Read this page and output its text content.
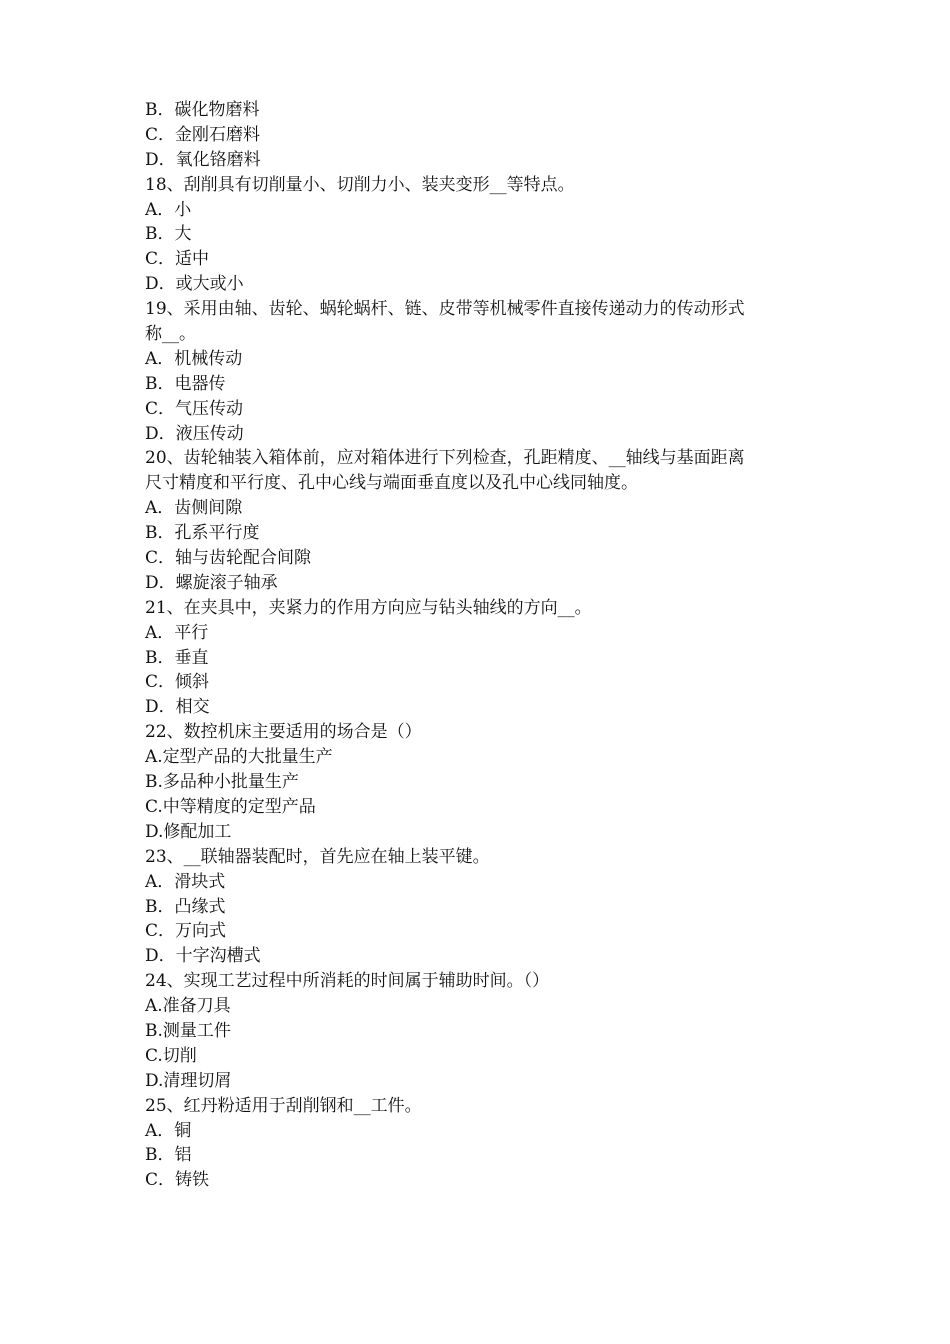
B．碳化物磨料

C．金刚石磨料

D．氧化铬磨料

18、刮削具有切削量小、切削力小、装夹变形__等特点。

A．小

B．大

C．适中

D．或大或小

19、采用由轴、齿轮、蜗轮蜗杆、链、皮带等机械零件直接传递动力的传动形式

称__。

A．机械传动

B．电器传

C．气压传动

D．液压传动

20、齿轮轴装入箱体前，应对箱体进行下列检查，孔距精度、__轴线与基面距离

尺寸精度和平行度、孔中心线与端面垂直度以及孔中心线同轴度。

A．齿侧间隙

B．孔系平行度

C．轴与齿轮配合间隙

D．螺旋滚子轴承

21、在夹具中，夹紧力的作用方向应与钻头轴线的方向__。

A．平行

B．垂直

C．倾斜

D．相交

22、数控机床主要适用的场合是（）

A.定型产品的大批量生产

B.多品种小批量生产

C.中等精度的定型产品

D.修配加工

23、__联轴器装配时，首先应在轴上装平键。

A．滑块式

B．凸缘式

C．万向式

D．十字沟槽式

24、实现工艺过程中所消耗的时间属于辅助时间。（）

A.准备刀具

B.测量工件

C.切削

D.清理切屑

25、红丹粉适用于刮削钢和__工件。

A．铜

B．铝

C．铸铁
